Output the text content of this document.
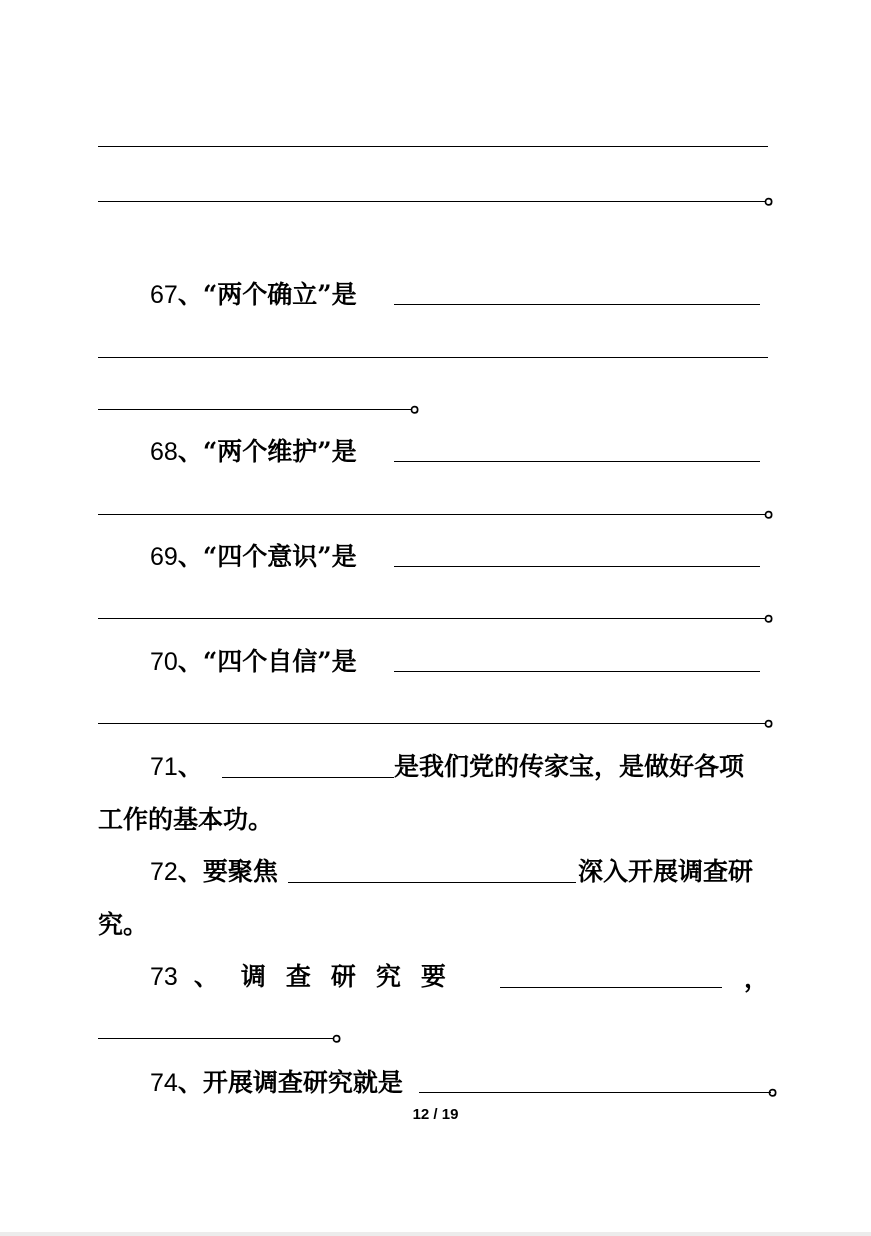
。
67、“两个确立”是
。
68、“两个维护”是
。
69、“四个意识”是
。
70、“四个自信”是
。
71、	是我们党的传家宝，是做好各项
工作的基本功。
72、要聚焦	深入开展调查研
究。
73 、 调查研究要	，
。
74、开展调查研究就是	。
12 / 19
